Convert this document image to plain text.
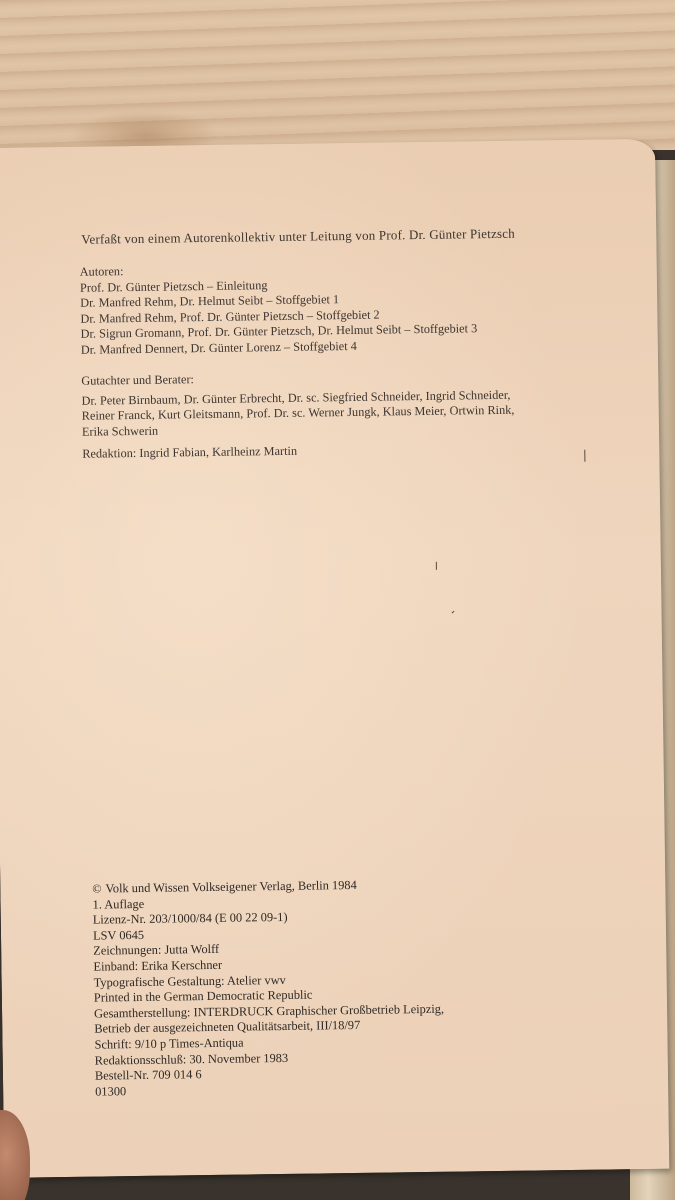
Verfaßt von einem Autorenkollektiv unter Leitung von Prof. Dr. Günter Pietzsch
Autoren:
Prof. Dr. Günter Pietzsch – Einleitung
Dr. Manfred Rehm, Dr. Helmut Seibt – Stoffgebiet 1
Dr. Manfred Rehm, Prof. Dr. Günter Pietzsch – Stoffgebiet 2
Dr. Sigrun Gromann, Prof. Dr. Günter Pietzsch, Dr. Helmut Seibt – Stoffgebiet 3
Dr. Manfred Dennert, Dr. Günter Lorenz – Stoffgebiet 4
Gutachter und Berater:
Dr. Peter Birnbaum, Dr. Günter Erbrecht, Dr. sc. Siegfried Schneider, Ingrid Schneider,
Reiner Franck, Kurt Gleitsmann, Prof. Dr. sc. Werner Jungk, Klaus Meier, Ortwin Rink,
Erika Schwerin
Redaktion: Ingrid Fabian, Karlheinz Martin
© Volk und Wissen Volkseigener Verlag, Berlin 1984
1. Auflage
Lizenz-Nr. 203/1000/84 (E 00 22 09-1)
LSV 0645
Zeichnungen: Jutta Wolff
Einband: Erika Kerschner
Typografische Gestaltung: Atelier vwv
Printed in the German Democratic Republic
Gesamtherstellung: INTERDRUCK Graphischer Großbetrieb Leipzig,
Betrieb der ausgezeichneten Qualitätsarbeit, III/18/97
Schrift: 9/10 p Times-Antiqua
Redaktionsschluß: 30. November 1983
Bestell-Nr. 709 014 6
01300
